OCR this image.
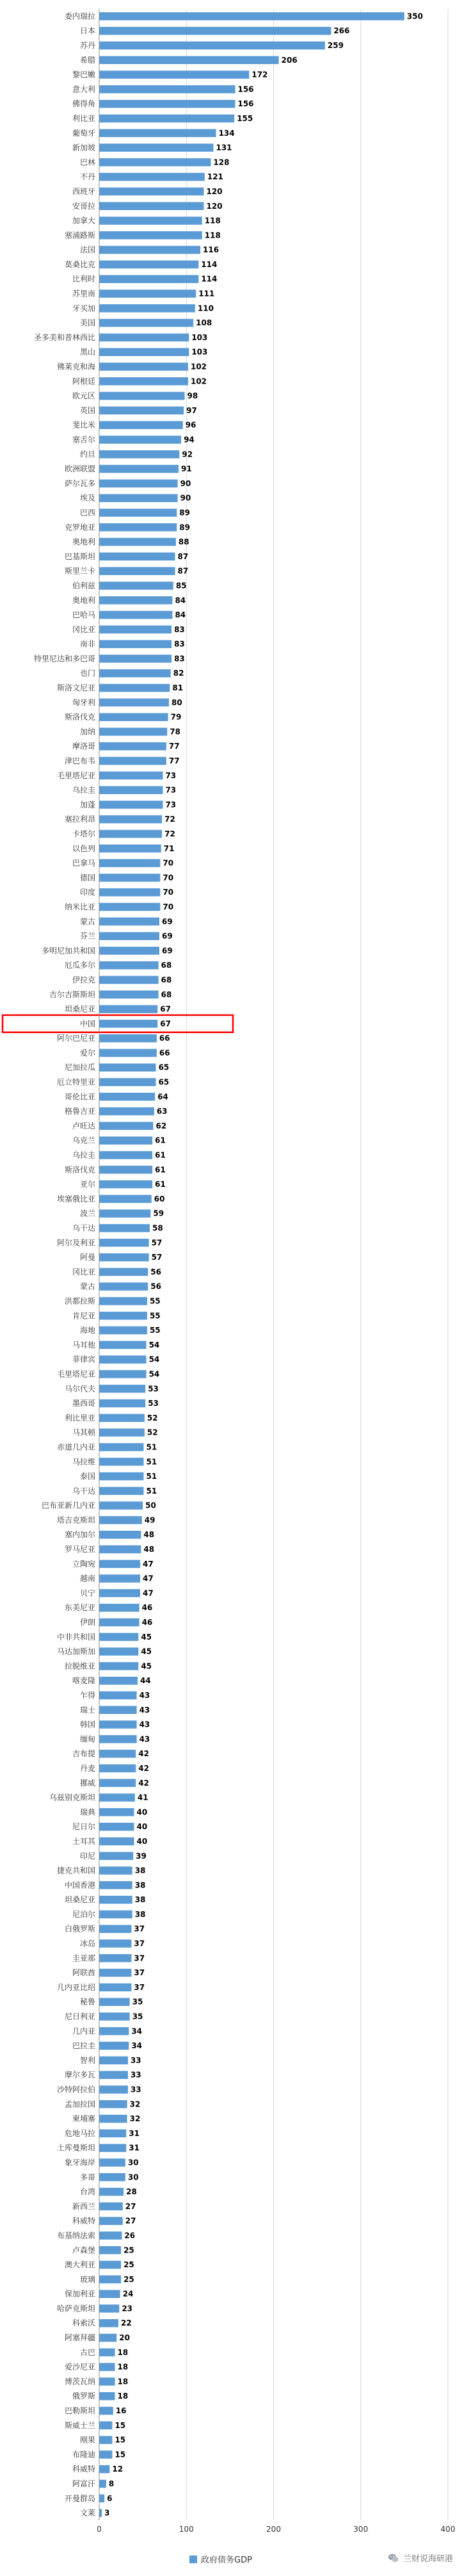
委内瑞拉	350
日本	266
苏丹	259
希腊	206
黎巴嫩	172
意大利	156
佛得角	156
利比亚	155
葡萄牙	134
新加坡	131
巴林	128
不丹	121
西班牙	120
安哥拉	120
加拿大	118
塞浦路斯	118
法国	116
莫桑比克	114
比利时	114
苏里南	111
牙买加	110
美国	108
圣多美和普林西比	103
黑山	103
佛莱克和海	102
阿根廷	102
欧元区	98
英国	97
斐比米	96
塞舌尔	94
约旦	92
欧洲联盟	91
萨尔瓦多	90
埃及	90
巴西	89
克罗地亚	89
奥地利	88
巴基斯坦	87
斯里兰卡	87
伯利兹	85
奥地利	84
巴哈马	84
冈比亚	83
南非	83
特里尼达和多巴哥	83
也门	82
斯洛文尼亚	81
匈牙利	80
斯洛伐克	79
加纳	78
摩洛哥	77
津巴布韦	77
毛里塔尼亚	73
乌拉圭	73
加蓬	73
塞拉利昂	72
卡塔尔	72
以色列	71
巴拿马	70
德国	70
印度	70
纳米比亚	70
蒙古	69
芬兰	69
多明尼加共和国	69
厄瓜多尔	68
伊拉克	68
吉尔吉斯斯坦	68
坦桑尼亚	67
中国	67
阿尔巴尼亚	66
爱尔	66
尼加拉瓜	65
厄立特里亚	65
哥伦比亚	64
格鲁吉亚	63
卢旺达	62
乌克兰	61
乌拉圭	61
斯洛伐克	61
亚尔	61
埃塞俄比亚	60
波兰	59
乌干达	58
阿尔及利亚	57
阿曼	57
冈比亚	56
蒙古	56
洪都拉斯	55
肯尼亚	55
海地	55
马耳他	54
菲律宾	54
毛里塔尼亚	54
马尔代夫	53
墨西哥	53
利比里亚	52
马其顿	52
赤道几内亚	51
马拉维	51
泰国	51
乌干达	51
巴布亚新几内亚	50
塔吉克斯坦	49
塞内加尔	48
罗马尼亚	48
立陶宛	47
越南	47
贝宁	47
东美尼亚	46
伊朗	46
中非共和国	45
马达加斯加	45
拉脱维亚	45
喀麦隆	44
乍得	43
瑞士	43
韩国	43
缅甸	43
吉布提	42
丹麦	42
挪威	42
乌兹别克斯坦	41
瑞典	40
尼日尔	40
土耳其	40
印尼	39
捷克共和国	38
中国香港	38
坦桑尼亚	38
尼泊尔	38
白俄罗斯	37
冰岛	37
圭亚那	37
阿联酋	37
几内亚比绍	37
秘鲁	35
尼日利亚	35
几内亚	34
巴拉圭	34
智利	33
摩尔多瓦	33
沙特阿拉伯	33
孟加拉国	32
柬埔寨	32
危地马拉	31
土库曼斯坦	31
象牙海岸	30
多哥	30
台湾	28
新西兰	27
科威特	27
布基纳法索	26
卢森堡	25
澳大利亚	25
玻璃	25
保加利亚	24
哈萨克斯坦	23
科索沃	22
阿塞拜疆	20
古巴	18
爱沙尼亚	18
博茨瓦纳	18
俄罗斯	18
巴勒斯坦	16
斯威士兰	15
刚果	15
布隆迪	15
科威特 12
阿富汗 8
开曼群岛 6
文莱 3
0	100	200	300	400
政府债务GDP	兰财说海研港
